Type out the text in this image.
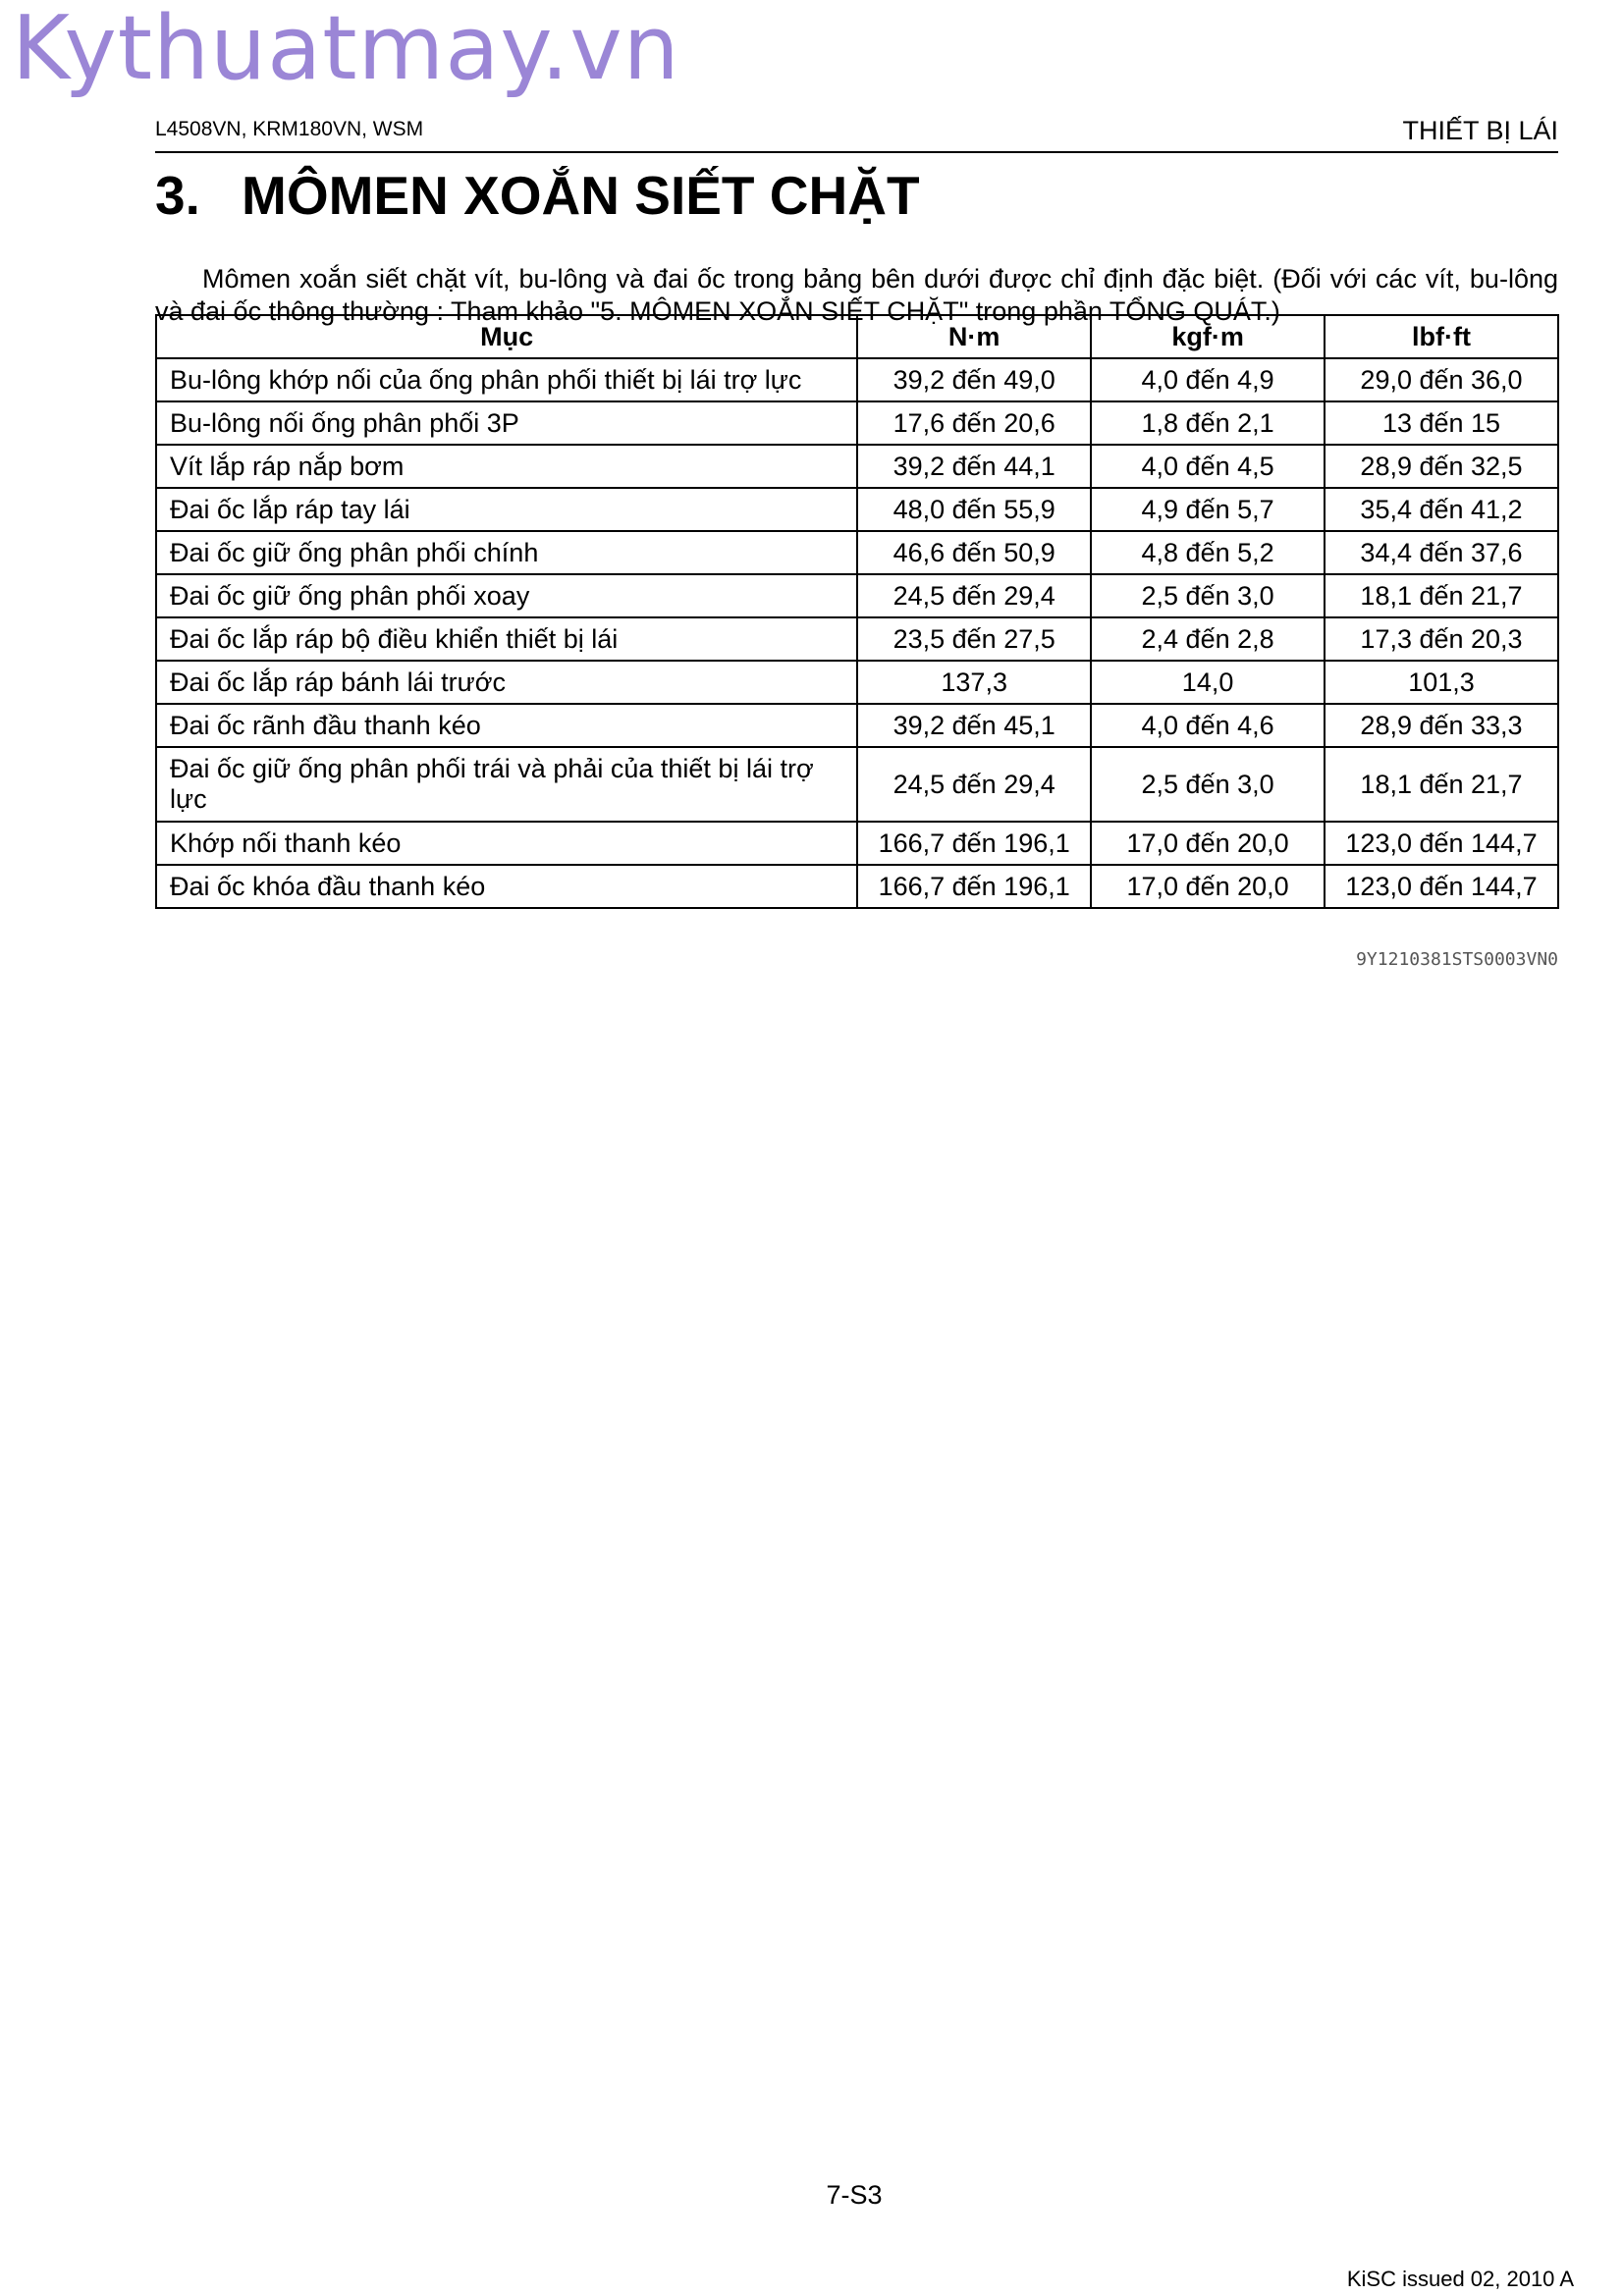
Kythuatmay.vn
L4508VN, KRM180VN, WSM	THIẾT BỊ LÁI
3. MÔMEN XOẮN SIẾT CHẶT

Mômen xoắn siết chặt vít, bu-lông và đai ốc trong bảng bên dưới được chỉ định đặc biệt. (Đối với các vít, bu-lông và đai ốc thông thường : Tham khảo "5. MÔMEN XOẮN SIẾT CHẶT" trong phần TỔNG QUÁT.)

Mục	N·m	kgf·m	lbf·ft
Bu-lông khớp nối của ống phân phối thiết bị lái trợ lực	39,2 đến 49,0	4,0 đến 4,9	29,0 đến 36,0
Bu-lông nối ống phân phối 3P	17,6 đến 20,6	1,8 đến 2,1	13 đến 15
Vít lắp ráp nắp bơm	39,2 đến 44,1	4,0 đến 4,5	28,9 đến 32,5
Đai ốc lắp ráp tay lái	48,0 đến 55,9	4,9 đến 5,7	35,4 đến 41,2
Đai ốc giữ ống phân phối chính	46,6 đến 50,9	4,8 đến 5,2	34,4 đến 37,6
Đai ốc giữ ống phân phối xoay	24,5 đến 29,4	2,5 đến 3,0	18,1 đến 21,7
Đai ốc lắp ráp bộ điều khiển thiết bị lái	23,5 đến 27,5	2,4 đến 2,8	17,3 đến 20,3
Đai ốc lắp ráp bánh lái trước	137,3	14,0	101,3
Đai ốc rãnh đầu thanh kéo	39,2 đến 45,1	4,0 đến 4,6	28,9 đến 33,3
Đai ốc giữ ống phân phối trái và phải của thiết bị lái trợ lực	24,5 đến 29,4	2,5 đến 3,0	18,1 đến 21,7
Khớp nối thanh kéo	166,7 đến 196,1	17,0 đến 20,0	123,0 đến 144,7
Đai ốc khóa đầu thanh kéo	166,7 đến 196,1	17,0 đến 20,0	123,0 đến 144,7
9Y1210381STS0003VN0
7-S3
KiSC issued 02, 2010 A
